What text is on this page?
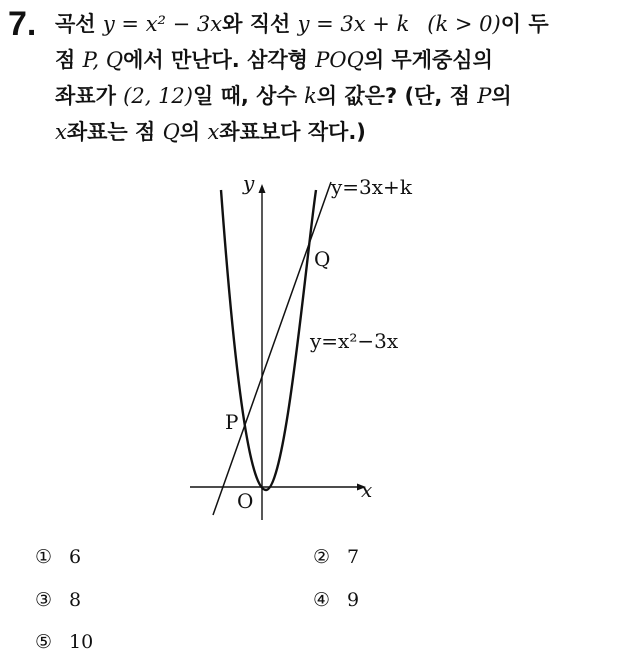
7. 곡선 y = x² − 3x와 직선 y = 3x + k (k > 0)이 두
점 P, Q에서 만난다. 삼각형 POQ의 무게중심의
좌표가 (2, 12)일 때, 상수 k의 값은? (단, 점 P의
x좌표는 점 Q의 x좌표보다 작다.)
y
x
O
P
Q
y=3x+k
y=x²−3x
① 6	② 7
③ 8	④ 9
⑤ 10
